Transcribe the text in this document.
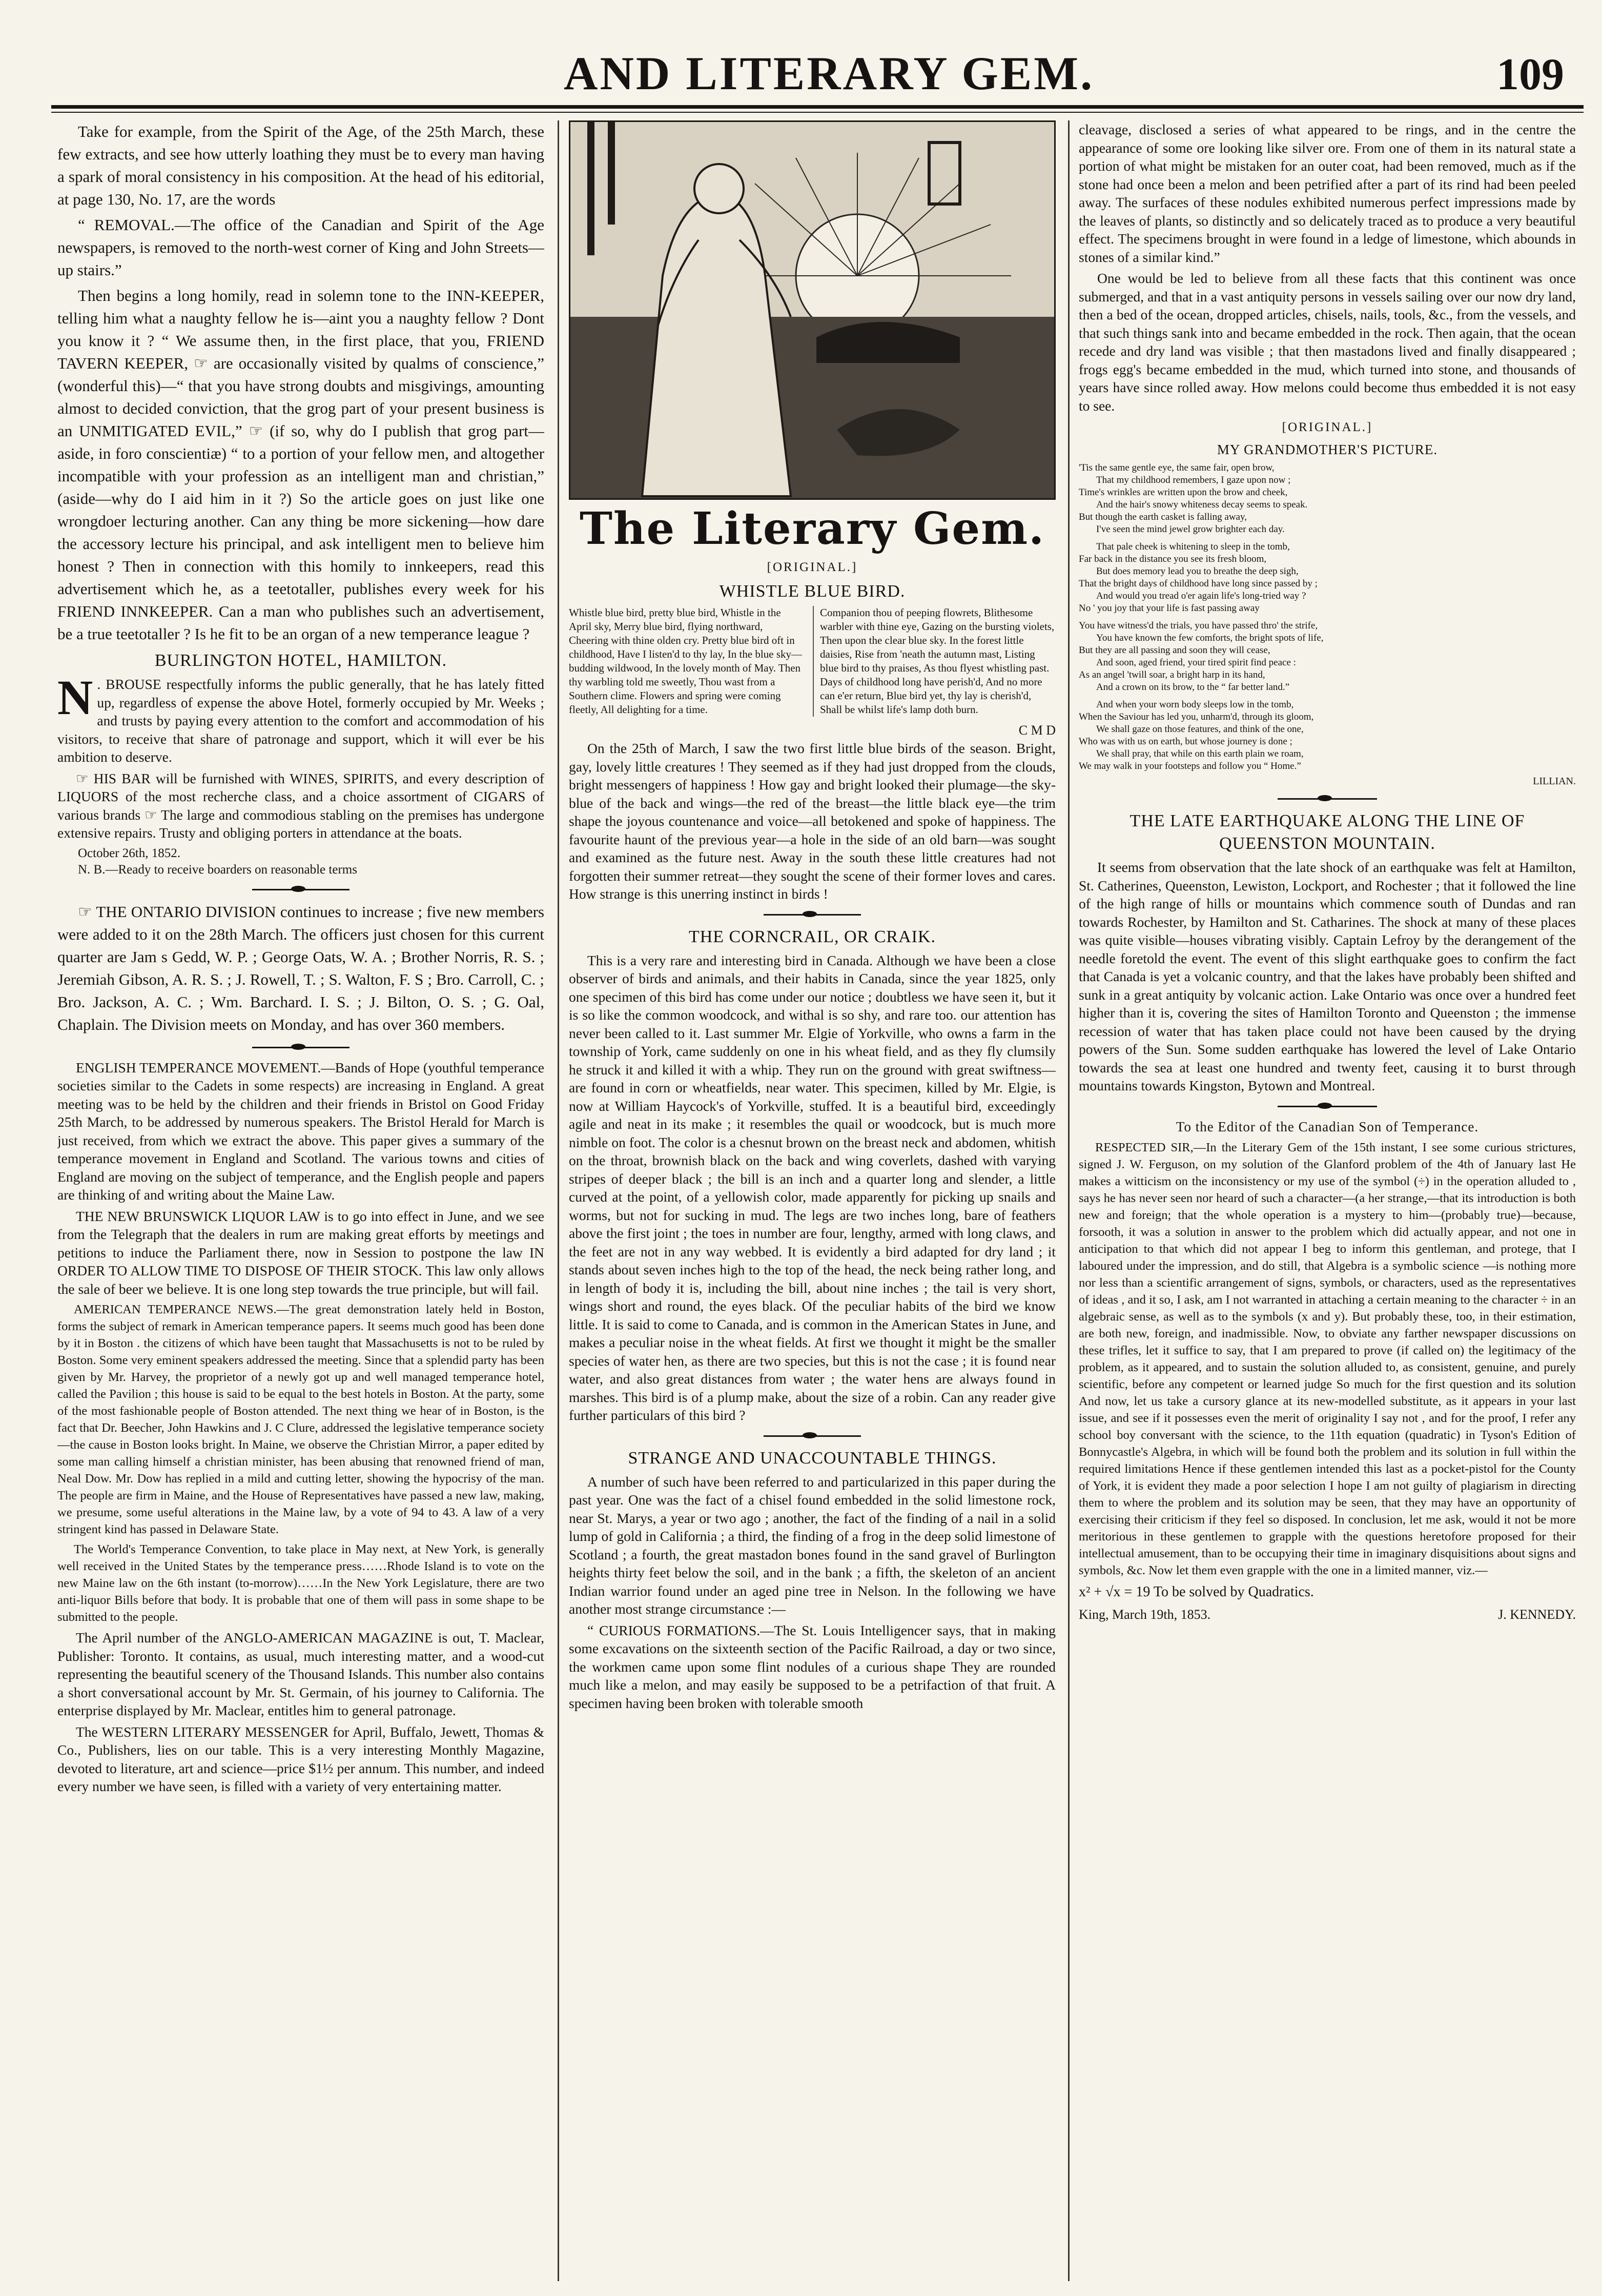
AND LITERARY GEM.	109

Take for example, from the Spirit of the Age, of the 25th March, these few extracts, and see how utterly loathing they must be to every man having a spark of moral consistency in his composition. At the head of his editorial, at page 130, No. 17, are the words

“ REMOVAL.—The office of the Canadian and Spirit of the Age newspapers, is removed to the north-west corner of King and John Streets—up stairs.”

Then begins a long homily, read in solemn tone to the INN-KEEPER, telling him what a naughty fellow he is—aint you a naughty fellow ? Dont you know it ? “ We assume then, in the first place, that you, FRIEND TAVERN KEEPER, ☞ are occasionally visited by qualms of conscience,” (wonderful this)—“ that you have strong doubts and misgivings, amounting almost to decided conviction, that the grog part of your present business is an UNMITIGATED EVIL,” ☞ (if so, why do I publish that grog part—aside, in foro conscientiæ) “ to a portion of your fellow men, and altogether incompatible with your profession as an intelligent man and christian,” (aside—why do I aid him in it ?) So the article goes on just like one wrongdoer lecturing another. Can any thing be more sickening—how dare the accessory lecture his principal, and ask intelligent men to believe him honest ? Then in connection with this homily to innkeepers, read this advertisement which he, as a teetotaller, publishes every week for his FRIEND INNKEEPER. Can a man who publishes such an advertisement, be a true teetotaller ? Is he fit to be an organ of a new temperance league ?

BURLINGTON HOTEL, HAMILTON.

N . BROUSE respectfully informs the public generally, that he has lately fitted up, regardless of expense the above Hotel, formerly occupied by Mr. Weeks ; and trusts by paying every attention to the comfort and accommodation of his visitors, to receive that share of patronage and support, which it will ever be his ambition to deserve.

☞ HIS BAR will be furnished with WINES, SPIRITS, and every description of LIQUORS of the most recherche class, and a choice assortment of CIGARS of various brands ☞ The large and commodious stabling on the premises has undergone extensive repairs. Trusty and obliging porters in attendance at the boats.

October 26th, 1852.
N. B.—Ready to receive boarders on reasonable terms

☞ THE ONTARIO DIVISION continues to increase ; five new members were added to it on the 28th March. The officers just chosen for this current quarter are Jam s Gedd, W. P. ; George Oats, W. A. ; Brother Norris, R. S. ; Jeremiah Gibson, A. R. S. ; J. Rowell, T. ; S. Walton, F. S ; Bro. Carroll, C. ; Bro. Jackson, A. C. ; Wm. Barchard. I. S. ; J. Bilton, O. S. ; G. Oal, Chaplain. The Division meets on Monday, and has over 360 members.

ENGLISH TEMPERANCE MOVEMENT.—Bands of Hope (youthful temperance societies similar to the Cadets in some respects) are increasing in England. A great meeting was to be held by the children and their friends in Bristol on Good Friday 25th March, to be addressed by numerous speakers. The Bristol Herald for March is just received, from which we extract the above. This paper gives a summary of the temperance movement in England and Scotland. The various towns and cities of England are moving on the subject of temperance, and the English people and papers are thinking of and writing about the Maine Law.

THE NEW BRUNSWICK LIQUOR LAW is to go into effect in June, and we see from the Telegraph that the dealers in rum are making great efforts by meetings and petitions to induce the Parliament there, now in Session to postpone the law IN ORDER TO ALLOW TIME TO DISPOSE OF THEIR STOCK. This law only allows the sale of beer we believe. It is one long step towards the true principle, but will fail.

AMERICAN TEMPERANCE NEWS.—The great demonstration lately held in Boston, forms the subject of remark in American temperance papers. It seems much good has been done by it in Boston . the citizens of which have been taught that Massachusetts is not to be ruled by Boston. Some very eminent speakers addressed the meeting. Since that a splendid party has been given by Mr. Harvey, the proprietor of a newly got up and well managed temperance hotel, called the Pavilion ; this house is said to be equal to the best hotels in Boston. At the party, some of the most fashionable people of Boston attended. The next thing we hear of in Boston, is the fact that Dr. Beecher, John Hawkins and J. C Clure, addressed the legislative temperance society—the cause in Boston looks bright. In Maine, we observe the Christian Mirror, a paper edited by some man calling himself a christian minister, has been abusing that renowned friend of man, Neal Dow. Mr. Dow has replied in a mild and cutting letter, showing the hypocrisy of the man. The people are firm in Maine, and the House of Representatives have passed a new law, making, we presume, some useful alterations in the Maine law, by a vote of 94 to 43. A law of a very stringent kind has passed in Delaware State.

The World's Temperance Convention, to take place in May next, at New York, is generally well received in the United States by the temperance press……Rhode Island is to vote on the new Maine law on the 6th instant (to-morrow)……In the New York Legislature, there are two anti-liquor Bills before that body. It is probable that one of them will pass in some shape to be submitted to the people.

The April number of the ANGLO-AMERICAN MAGAZINE is out, T. Maclear, Publisher: Toronto. It contains, as usual, much interesting matter, and a wood-cut representing the beautiful scenery of the Thousand Islands. This number also contains a short conversational account by Mr. St. Germain, of his journey to California. The enterprise displayed by Mr. Maclear, entitles him to general patronage.

The WESTERN LITERARY MESSENGER for April, Buffalo, Jewett, Thomas & Co., Publishers, lies on our table. This is a very interesting Monthly Magazine, devoted to literature, art and science—price $1½ per annum. This number, and indeed every number we have seen, is filled with a variety of very entertaining matter.

The Literary Gem.
[ORIGINAL.]
WHISTLE BLUE BIRD.
Whistle blue bird, pretty blue bird, Whistle in the April sky, Merry blue bird, flying northward, Cheering with thine olden cry. Pretty blue bird oft in childhood, Have I listen'd to thy lay, In the blue sky—budding wildwood, In the lovely month of May. Then thy warbling told me sweetly, Thou wast from a Southern clime. Flowers and spring were coming fleetly, All delighting for a time.
Companion thou of peeping flowrets, Blithesome warbler with thine eye, Gazing on the bursting violets, Then upon the clear blue sky. In the forest little daisies, Rise from 'neath the autumn mast, Listing blue bird to thy praises, As thou flyest whistling past. Days of childhood long have perish'd, And no more can e'er return, Blue bird yet, thy lay is cherish'd, Shall be whilst life's lamp doth burn.
C M D

On the 25th of March, I saw the two first little blue birds of the season. Bright, gay, lovely little creatures ! They seemed as if they had just dropped from the clouds, bright messengers of happiness ! How gay and bright looked their plumage—the sky-blue of the back and wings—the red of the breast—the little black eye—the trim shape the joyous countenance and voice—all betokened and spoke of happiness. The favourite haunt of the previous year—a hole in the side of an old barn—was sought and examined as the future nest. Away in the south these little creatures had not forgotten their summer retreat—they sought the scene of their former loves and cares. How strange is this unerring instinct in birds !

THE CORNCRAIL, OR CRAIK.

This is a very rare and interesting bird in Canada. Although we have been a close observer of birds and animals, and their habits in Canada, since the year 1825, only one specimen of this bird has come under our notice ; doubtless we have seen it, but it is so like the common woodcock, and withal is so shy, and rare too. our attention has never been called to it. Last summer Mr. Elgie of Yorkville, who owns a farm in the township of York, came suddenly on one in his wheat field, and as they fly clumsily he struck it and killed it with a whip. They run on the ground with great swiftness—are found in corn or wheatfields, near water. This specimen, killed by Mr. Elgie, is now at William Haycock's of Yorkville, stuffed. It is a beautiful bird, exceedingly agile and neat in its make ; it resembles the quail or woodcock, but is much more nimble on foot. The color is a chesnut brown on the breast neck and abdomen, whitish on the throat, brownish black on the back and wing coverlets, dashed with varying stripes of deeper black ; the bill is an inch and a quarter long and slender, a little curved at the point, of a yellowish color, made apparently for picking up snails and worms, but not for sucking in mud. The legs are two inches long, bare of feathers above the first joint ; the toes in number are four, lengthy, armed with long claws, and the feet are not in any way webbed. It is evidently a bird adapted for dry land ; it stands about seven inches high to the top of the head, the neck being rather long, and in length of body it is, including the bill, about nine inches ; the tail is very short, wings short and round, the eyes black. Of the peculiar habits of the bird we know little. It is said to come to Canada, and is common in the American States in June, and makes a peculiar noise in the wheat fields. At first we thought it might be the smaller species of water hen, as there are two species, but this is not the case ; it is found near water, and also great distances from water ; the water hens are always found in marshes. This bird is of a plump make, about the size of a robin. Can any reader give further particulars of this bird ?

STRANGE AND UNACCOUNTABLE THINGS.

A number of such have been referred to and particularized in this paper during the past year. One was the fact of a chisel found embedded in the solid limestone rock, near St. Marys, a year or two ago ; another, the fact of the finding of a nail in a solid lump of gold in California ; a third, the finding of a frog in the deep solid limestone of Scotland ; a fourth, the great mastadon bones found in the sand gravel of Burlington heights thirty feet below the soil, and in the bank ; a fifth, the skeleton of an ancient Indian warrior found under an aged pine tree in Nelson. In the following we have another most strange circumstance :—

“ CURIOUS FORMATIONS.—The St. Louis Intelligencer says, that in making some excavations on the sixteenth section of the Pacific Railroad, a day or two since, the workmen came upon some flint nodules of a curious shape They are rounded much like a melon, and may easily be supposed to be a petrifaction of that fruit. A specimen having been broken with tolerable smooth

cleavage, disclosed a series of what appeared to be rings, and in the centre the appearance of some ore looking like silver ore. From one of them in its natural state a portion of what might be mistaken for an outer coat, had been removed, much as if the stone had once been a melon and been petrified after a part of its rind had been peeled away. The surfaces of these nodules exhibited numerous perfect impressions made by the leaves of plants, so distinctly and so delicately traced as to produce a very beautiful effect. The specimens brought in were found in a ledge of limestone, which abounds in stones of a similar kind.”

One would be led to believe from all these facts that this continent was once submerged, and that in a vast antiquity persons in vessels sailing over our now dry land, then a bed of the ocean, dropped articles, chisels, nails, tools, &c., from the vessels, and that such things sank into and became embedded in the rock. Then again, that the ocean recede and dry land was visible ; that then mastadons lived and finally disappeared ; frogs egg's became embedded in the mud, which turned into stone, and thousands of years have since rolled away. How melons could become thus embedded it is not easy to see.

[ORIGINAL.]
MY GRANDMOTHER'S PICTURE.
'Tis the same gentle eye, the same fair, open brow,
That my childhood remembers, I gaze upon now ;
Time's wrinkles are written upon the brow and cheek,
And the hair's snowy whiteness decay seems to speak.
But though the earth casket is falling away,
I've seen the mind jewel grow brighter each day.
That pale cheek is whitening to sleep in the tomb,
Far back in the distance you see its fresh bloom,
But does memory lead you to breathe the deep sigh,
That the bright days of childhood have long since passed by ;
And would you tread o'er again life's long-tried way ?
No ' you joy that your life is fast passing away
You have witness'd the trials, you have passed thro' the strife,
You have known the few comforts, the bright spots of life,
But they are all passing and soon they will cease,
And soon, aged friend, your tired spirit find peace :
As an angel 'twill soar, a bright harp in its hand,
And a crown on its brow, to the “ far better land.”
And when your worn body sleeps low in the tomb,
When the Saviour has led you, unharm'd, through its gloom,
We shall gaze on those features, and think of the one,
Who was with us on earth, but whose journey is done ;
We shall pray, that while on this earth plain we roam,
We may walk in your footsteps and follow you “ Home.”
LILLIAN.
THE LATE EARTHQUAKE ALONG THE LINE OF QUEENSTON MOUNTAIN.

It seems from observation that the late shock of an earthquake was felt at Hamilton, St. Catherines, Queenston, Lewiston, Lockport, and Rochester ; that it followed the line of the high range of hills or mountains which commence south of Dundas and ran towards Rochester, by Hamilton and St. Catharines. The shock at many of these places was quite visible—houses vibrating visibly. Captain Lefroy by the derangement of the needle foretold the event. The event of this slight earthquake goes to confirm the fact that Canada is yet a volcanic country, and that the lakes have probably been shifted and sunk in a great antiquity by volcanic action. Lake Ontario was once over a hundred feet higher than it is, covering the sites of Hamilton Toronto and Queenston ; the immense recession of water that has taken place could not have been caused by the drying powers of the Sun. Some sudden earthquake has lowered the level of Lake Ontario towards the sea at least one hundred and twenty feet, causing it to burst through mountains towards Kingston, Bytown and Montreal.

To the Editor of the Canadian Son of Temperance.

RESPECTED SIR,—In the Literary Gem of the 15th instant, I see some curious strictures, signed J. W. Ferguson, on my solution of the Glanford problem of the 4th of January last He makes a witticism on the inconsistency or my use of the symbol (÷) in the operation alluded to , says he has never seen nor heard of such a character—(a her strange,—that its introduction is both new and foreign; that the whole operation is a mystery to him—(probably true)—because, forsooth, it was a solution in answer to the problem which did actually appear, and not one in anticipation to that which did not appear I beg to inform this gentleman, and protege, that I laboured under the impression, and do still, that Algebra is a symbolic science —is nothing more nor less than a scientific arrangement of signs, symbols, or characters, used as the representatives of ideas , and it so, I ask, am I not warranted in attaching a certain meaning to the character ÷ in an algebraic sense, as well as to the symbols (x and y). But probably these, too, in their estimation, are both new, foreign, and inadmissible. Now, to obviate any farther newspaper discussions on these trifles, let it suffice to say, that I am prepared to prove (if called on) the legitimacy of the problem, as it appeared, and to sustain the solution alluded to, as consistent, genuine, and purely scientific, before any competent or learned judge So much for the first question and its solution And now, let us take a cursory glance at its new-modelled substitute, as it appears in your last issue, and see if it possesses even the merit of originality I say not , and for the proof, I refer any school boy conversant with the science, to the 11th equation (quadratic) in Tyson's Edition of Bonnycastle's Algebra, in which will be found both the problem and its solution in full within the required limitations Hence if these gentlemen intended this last as a pocket-pistol for the County of York, it is evident they made a poor selection I hope I am not guilty of plagiarism in directing them to where the problem and its solution may be seen, that they may have an opportunity of exercising their criticism if they feel so disposed. In conclusion, let me ask, would it not be more meritorious in these gentlemen to grapple with the questions heretofore proposed for their intellectual amusement, than to be occupying their time in imaginary disquisitions about signs and symbols, &c. Now let them even grapple with the one in a limited manner, viz.—

x² + √x = 19 To be solved by Quadratics.
King, March 19th, 1853.	J. KENNEDY.
